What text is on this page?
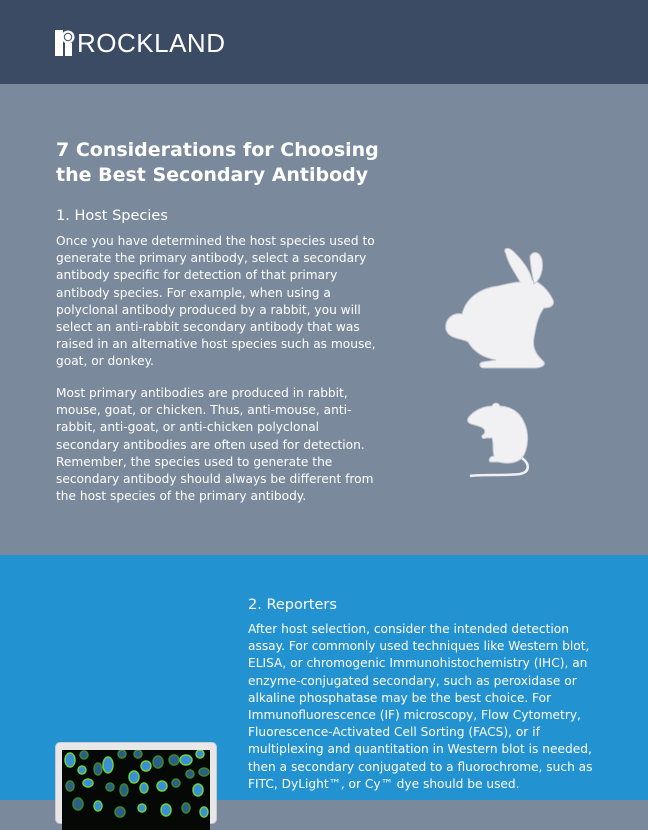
ROCKLAND
7 Considerations for Choosing the Best Secondary Antibody
1. Host Species

Once you have determined the host species used to generate the primary antibody, select a secondary antibody specific for detection of that primary antibody species. For example, when using a polyclonal antibody produced by a rabbit, you will select an anti-rabbit secondary antibody that was raised in an alternative host species such as mouse, goat, or donkey.

Most primary antibodies are produced in rabbit, mouse, goat, or chicken. Thus, anti-mouse, anti-rabbit, anti-goat, or anti-chicken polyclonal secondary antibodies are often used for detection. Remember, the species used to generate the secondary antibody should always be different from the host species of the primary antibody.

2. Reporters

After host selection, consider the intended detection assay. For commonly used techniques like Western blot, ELISA, or chromogenic Immunohistochemistry (IHC), an enzyme-conjugated secondary, such as peroxidase or alkaline phosphatase may be the best choice. For Immunofluorescence (IF) microscopy, Flow Cytometry, Fluorescence-Activated Cell Sorting (FACS), or if multiplexing and quantitation in Western blot is needed, then a secondary conjugated to a fluorochrome, such as FITC, DyLight™, or Cy™ dye should be used.
